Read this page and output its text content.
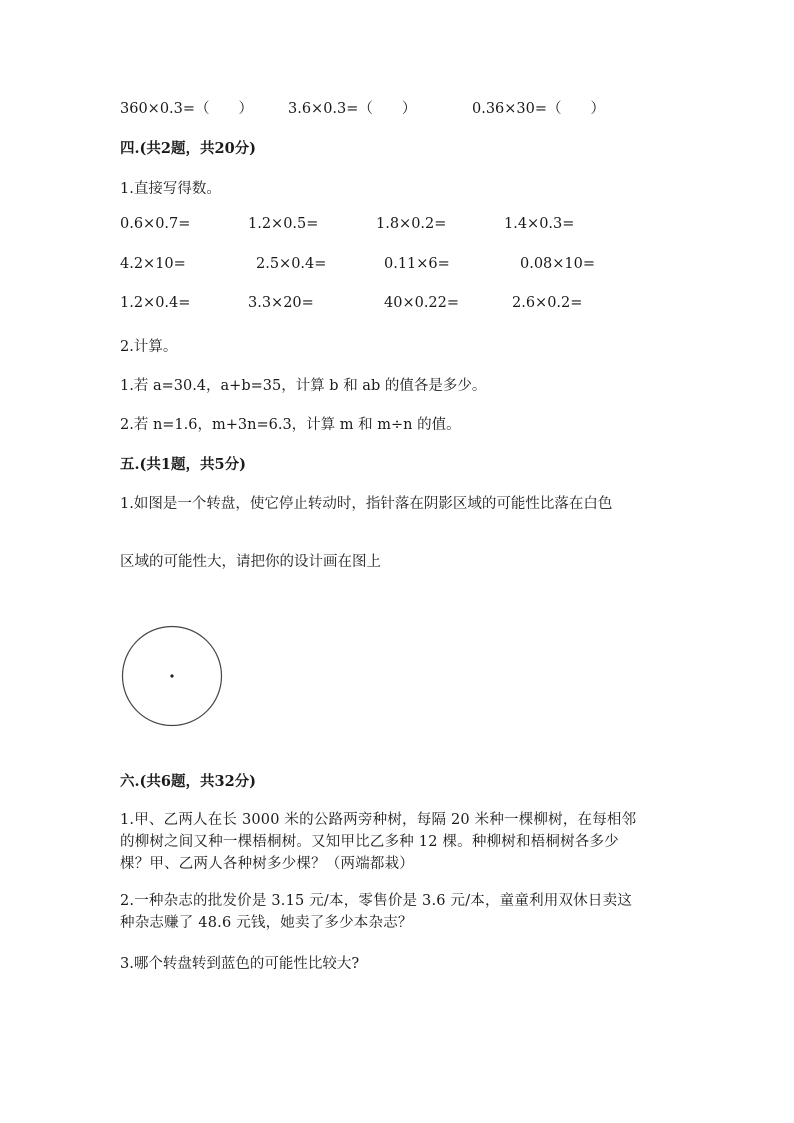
360×0.3=（　　） 3.6×0.3=（　　）	0.36×30=（　　）
四.(共2题，共20分)
1.直接写得数。
0.6×0.7=	1.2×0.5=	1.8×0.2=	1.4×0.3=
4.2×10=	2.5×0.4=	0.11×6=	0.08×10=
1.2×0.4=	3.3×20=	40×0.22=	2.6×0.2=
2.计算。
1.若 a=30.4，a+b=35，计算 b 和 ab 的值各是多少。
2.若 n=1.6，m+3n=6.3，计算 m 和 m÷n 的值。
五.(共1题，共5分)
1.如图是一个转盘，使它停止转动时，指针落在阴影区域的可能性比落在白色
区域的可能性大，请把你的设计画在图上
六.(共6题，共32分)
1.甲、乙两人在长 3000 米的公路两旁种树，每隔 20 米种一棵柳树，在每相邻
的柳树之间又种一棵梧桐树。又知甲比乙多种 12 棵。种柳树和梧桐树各多少
棵？甲、乙两人各种树多少棵？（两端都栽）
2.一种杂志的批发价是 3.15 元/本，零售价是 3.6 元/本，童童利用双休日卖这
种杂志赚了 48.6 元钱，她卖了多少本杂志？
3.哪个转盘转到蓝色的可能性比较大?
